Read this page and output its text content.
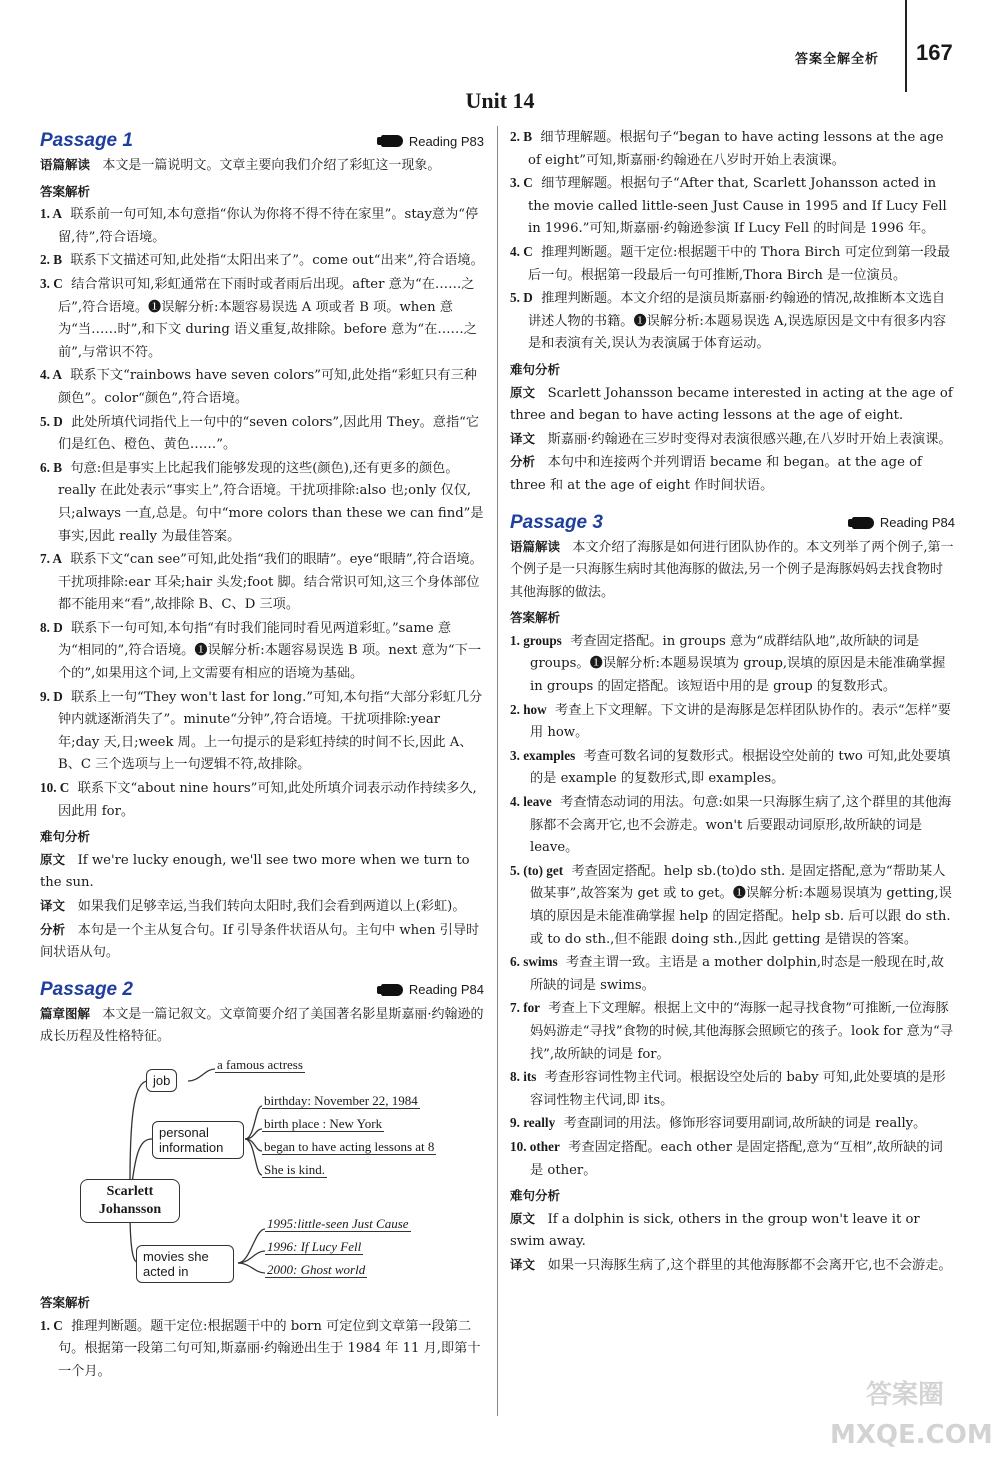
答案全解全析 167
Unit 14
Passage 1	Reading P83

语篇解读 本文是一篇说明文。文章主要向我们介绍了彩虹这一现象。

答案解析

1. A 联系前一句可知,本句意指“你认为你将不得不待在家里”。stay意为“停留,待”,符合语境。

2. B 联系下文描述可知,此处指“太阳出来了”。come out“出来”,符合语境。

3. C 结合常识可知,彩虹通常在下雨时或者雨后出现。after 意为“在……之后”,符合语境。❶误解分析:本题容易误选 A 项或者 B 项。when 意为“当……时”,和下文 during 语义重复,故排除。before 意为“在……之前”,与常识不符。

4. A 联系下文“rainbows have seven colors”可知,此处指“彩虹只有三种颜色”。color“颜色”,符合语境。

5. D 此处所填代词指代上一句中的“seven colors”,因此用 They。意指“它们是红色、橙色、黄色……”。

6. B 句意:但是事实上比起我们能够发现的这些(颜色),还有更多的颜色。really 在此处表示“事实上”,符合语境。干扰项排除:also 也;only 仅仅,只;always 一直,总是。句中“more colors than these we can find”是事实,因此 really 为最佳答案。

7. A 联系下文“can see”可知,此处指“我们的眼睛”。eye“眼睛”,符合语境。干扰项排除:ear 耳朵;hair 头发;foot 脚。结合常识可知,这三个身体部位都不能用来“看”,故排除 B、C、D 三项。

8. D 联系下一句可知,本句指“有时我们能同时看见两道彩虹。”same 意为“相同的”,符合语境。❶误解分析:本题容易误选 B 项。next 意为“下一个的”,如果用这个词,上文需要有相应的语境为基础。

9. D 联系上一句“They won't last for long.”可知,本句指“大部分彩虹几分钟内就逐渐消失了”。minute“分钟”,符合语境。干扰项排除:year 年;day 天,日;week 周。上一句提示的是彩虹持续的时间不长,因此 A、B、C 三个选项与上一句逻辑不符,故排除。

10. C 联系下文“about nine hours”可知,此处所填介词表示动作持续多久,因此用 for。

难句分析

原文 If we're lucky enough, we'll see two more when we turn to the sun.

译文 如果我们足够幸运,当我们转向太阳时,我们会看到两道以上(彩虹)。

分析 本句是一个主从复合句。If 引导条件状语从句。主句中 when 引导时间状语从句。

Passage 2	Reading P84

篇章图解 本文是一篇记叙文。文章简要介绍了美国著名影星斯嘉丽·约翰逊的成长历程及性格特征。

a famous actress
job
personal information
birthday: November 22, 1984
birth place : New York
began to have acting lessons at 8
She is kind.
Scarlett Johansson
movies she acted in
1995:little-seen Just Cause
1996: If Lucy Fell
2000: Ghost world
答案解析

1. C 推理判断题。题干定位:根据题干中的 born 可定位到文章第一段第二句。根据第一段第二句可知,斯嘉丽·约翰逊出生于 1984 年 11 月,即第十一个月。

2. B 细节理解题。根据句子“began to have acting lessons at the age of eight”可知,斯嘉丽·约翰逊在八岁时开始上表演课。

3. C 细节理解题。根据句子“After that, Scarlett Johansson acted in the movie called little-seen Just Cause in 1995 and If Lucy Fell in 1996.”可知,斯嘉丽·约翰逊参演 If Lucy Fell 的时间是 1996 年。

4. C 推理判断题。题干定位:根据题干中的 Thora Birch 可定位到第一段最后一句。根据第一段最后一句可推断,Thora Birch 是一位演员。

5. D 推理判断题。本文介绍的是演员斯嘉丽·约翰逊的情况,故推断本文选自讲述人物的书籍。❶误解分析:本题易误选 A,误选原因是文中有很多内容是和表演有关,误认为表演属于体育运动。

难句分析

原文 Scarlett Johansson became interested in acting at the age of three and began to have acting lessons at the age of eight.

译文 斯嘉丽·约翰逊在三岁时变得对表演很感兴趣,在八岁时开始上表演课。

分析 本句中和连接两个并列谓语 became 和 began。at the age of three 和 at the age of eight 作时间状语。

Passage 3	Reading P84

语篇解读 本文介绍了海豚是如何进行团队协作的。本文列举了两个例子,第一个例子是一只海豚生病时其他海豚的做法,另一个例子是海豚妈妈去找食物时其他海豚的做法。

答案解析

1. groups 考查固定搭配。in groups 意为“成群结队地”,故所缺的词是 groups。❶误解分析:本题易误填为 group,误填的原因是未能准确掌握 in groups 的固定搭配。该短语中用的是 group 的复数形式。

2. how 考查上下文理解。下文讲的是海豚是怎样团队协作的。表示“怎样”要用 how。

3. examples 考查可数名词的复数形式。根据设空处前的 two 可知,此处要填的是 example 的复数形式,即 examples。

4. leave 考查情态动词的用法。句意:如果一只海豚生病了,这个群里的其他海豚都不会离开它,也不会游走。won't 后要跟动词原形,故所缺的词是 leave。

5. (to) get 考查固定搭配。help sb.(to)do sth. 是固定搭配,意为“帮助某人做某事”,故答案为 get 或 to get。❶误解分析:本题易误填为 getting,误填的原因是未能准确掌握 help 的固定搭配。help sb. 后可以跟 do sth. 或 to do sth.,但不能跟 doing sth.,因此 getting 是错误的答案。

6. swims 考查主谓一致。主语是 a mother dolphin,时态是一般现在时,故所缺的词是 swims。

7. for 考查上下文理解。根据上文中的“海豚一起寻找食物”可推断,一位海豚妈妈游走“寻找”食物的时候,其他海豚会照顾它的孩子。look for 意为“寻找”,故所缺的词是 for。

8. its 考查形容词性物主代词。根据设空处后的 baby 可知,此处要填的是形容词性物主代词,即 its。

9. really 考查副词的用法。修饰形容词要用副词,故所缺的词是 really。

10. other 考查固定搭配。each other 是固定搭配,意为“互相”,故所缺的词是 other。

难句分析

原文 If a dolphin is sick, others in the group won't leave it or swim away.

译文 如果一只海豚生病了,这个群里的其他海豚都不会离开它,也不会游走。

答案圈 MXQE.COM
